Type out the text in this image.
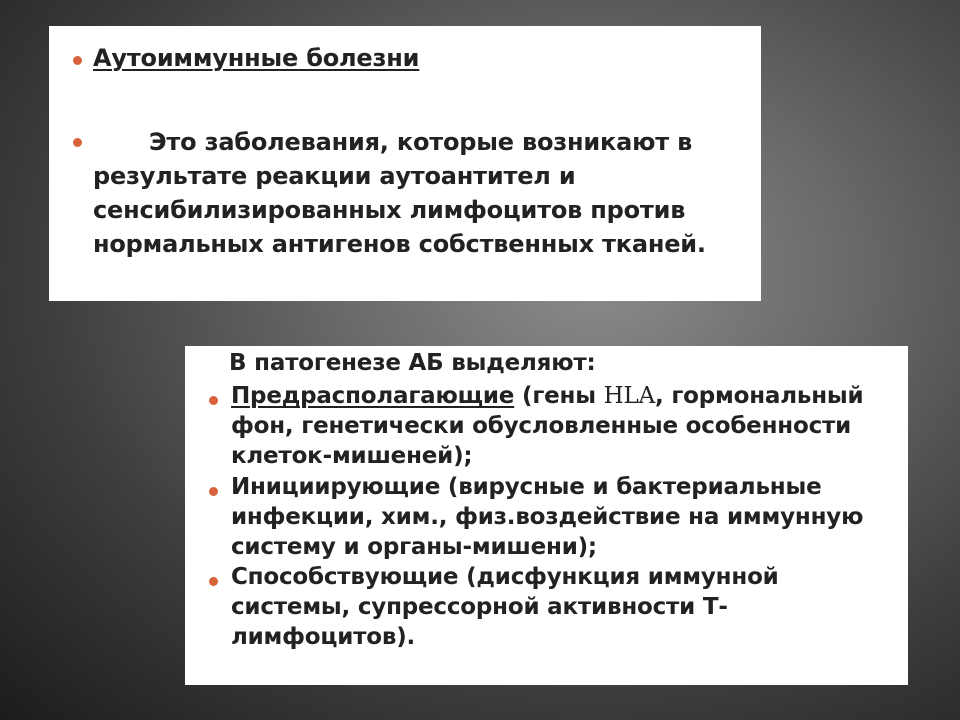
Аутоиммунные болезни
Это заболевания, которые возникают в
результате реакции аутоантител и
сенсибилизированных лимфоцитов против
нормальных антигенов собственных тканей.
В патогенезе АБ выделяют:
Предрасполагающие (гены HLA, гормональный
фон, генетически обусловленные особенности
клеток-мишеней);
Инициирующие (вирусные и бактериальные
инфекции, хим., физ.воздействие на иммунную
систему и органы-мишени);
Способствующие (дисфункция иммунной
системы, супрессорной активности Т-
лимфоцитов).
